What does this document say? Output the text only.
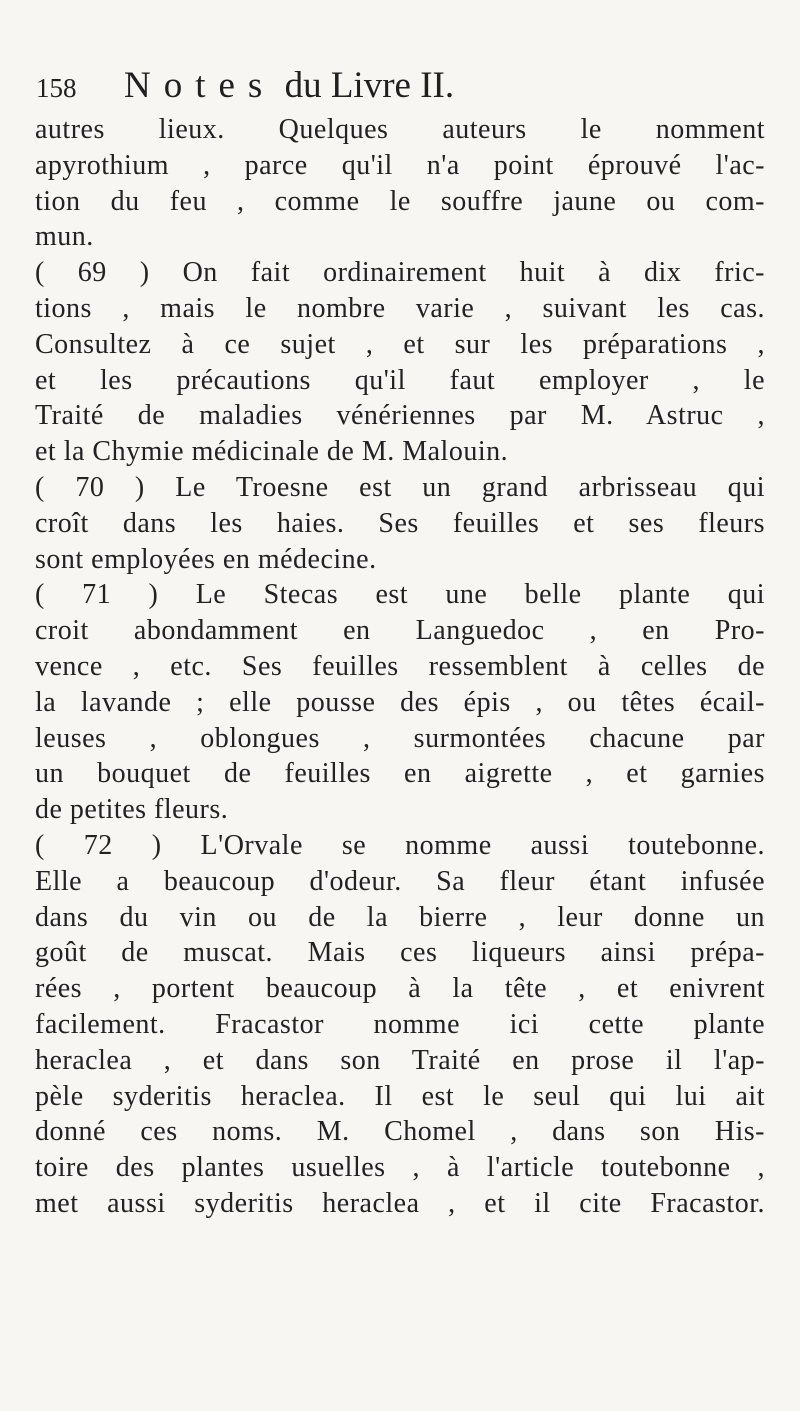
158 Notes du Livre II.
autres lieux. Quelques auteurs le nomment
apyrothium , parce qu'il n'a point éprouvé l'ac-
tion du feu , comme le souffre jaune ou com-
mun.
( 69 ) On fait ordinairement huit à dix fric-
tions , mais le nombre varie , suivant les cas.
Consultez à ce sujet , et sur les préparations ,
et les précautions qu'il faut employer , le
Traité de maladies vénériennes par M. Astruc ,
et la Chymie médicinale de M. Malouin.
( 70 ) Le Troesne est un grand arbrisseau qui
croît dans les haies. Ses feuilles et ses fleurs
sont employées en médecine.
( 71 ) Le Stecas est une belle plante qui
croit abondamment en Languedoc , en Pro-
vence , etc. Ses feuilles ressemblent à celles de
la lavande ; elle pousse des épis , ou têtes écail-
leuses , oblongues , surmontées chacune par
un bouquet de feuilles en aigrette , et garnies
de petites fleurs.
( 72 ) L'Orvale se nomme aussi toutebonne.
Elle a beaucoup d'odeur. Sa fleur étant infusée
dans du vin ou de la bierre , leur donne un
goût de muscat. Mais ces liqueurs ainsi prépa-
rées , portent beaucoup à la tête , et enivrent
facilement. Fracastor nomme ici cette plante
heraclea , et dans son Traité en prose il l'ap-
pèle syderitis heraclea. Il est le seul qui lui ait
donné ces noms. M. Chomel , dans son His-
toire des plantes usuelles , à l'article toutebonne ,
met aussi syderitis heraclea , et il cite Fracastor.
